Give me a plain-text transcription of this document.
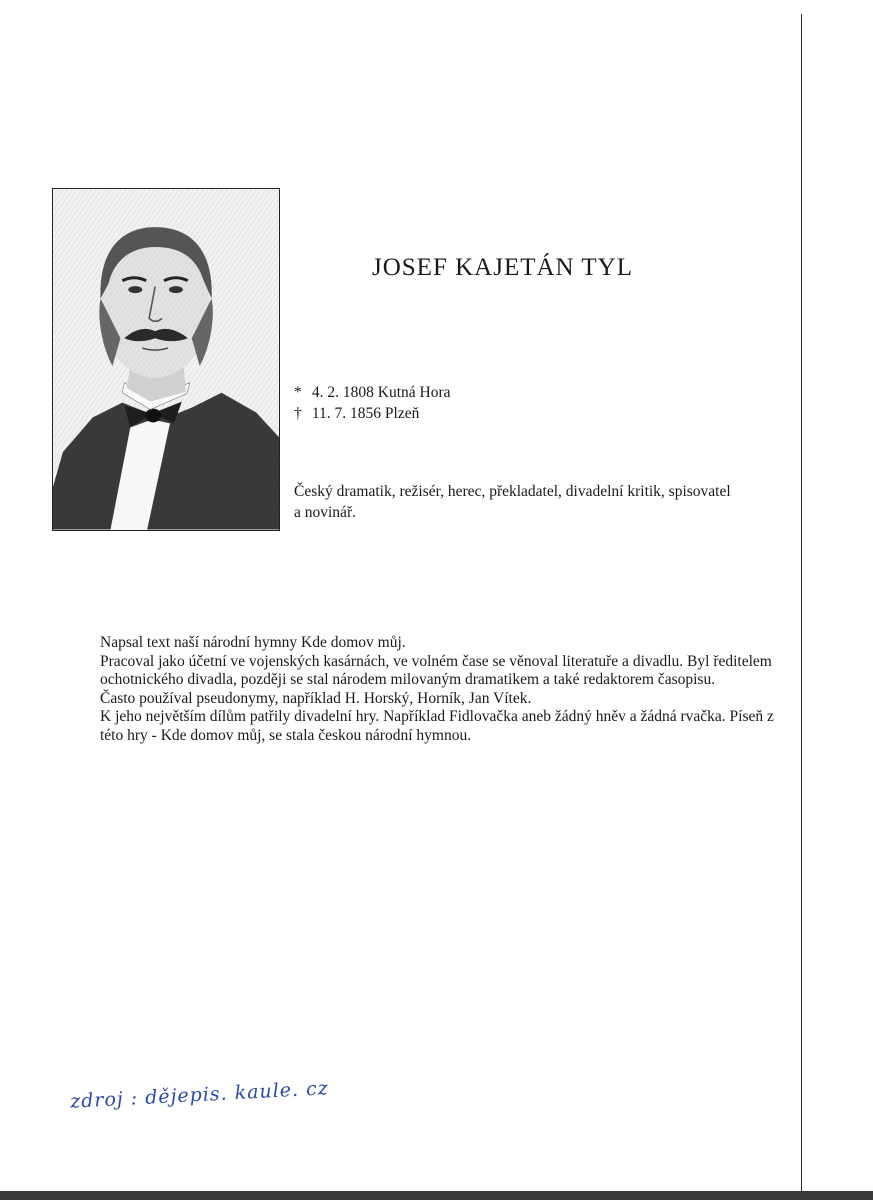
JOSEF KAJETÁN TYL
* 4. 2. 1808 Kutná Hora
† 11. 7. 1856 Plzeň
Český dramatik, režisér, herec, překladatel, divadelní kritik, spisovatel a novinář.

Napsal text naší národní hymny Kde domov můj.

Pracoval jako účetní ve vojenských kasárnách, ve volném čase se věnoval literatuře a divadlu. Byl ředitelem ochotnického divadla, později se stal národem milovaným dramatikem a také redaktorem časopisu.

Často používal pseudonymy, například H. Horský, Horník, Jan Vítek.

K jeho největším dílům patřily divadelní hry. Například Fidlovačka aneb žádný hněv a žádná rvačka. Píseň z této hry - Kde domov můj, se stala českou národní hymnou.

zdroj : dějepis. kaule. cz
